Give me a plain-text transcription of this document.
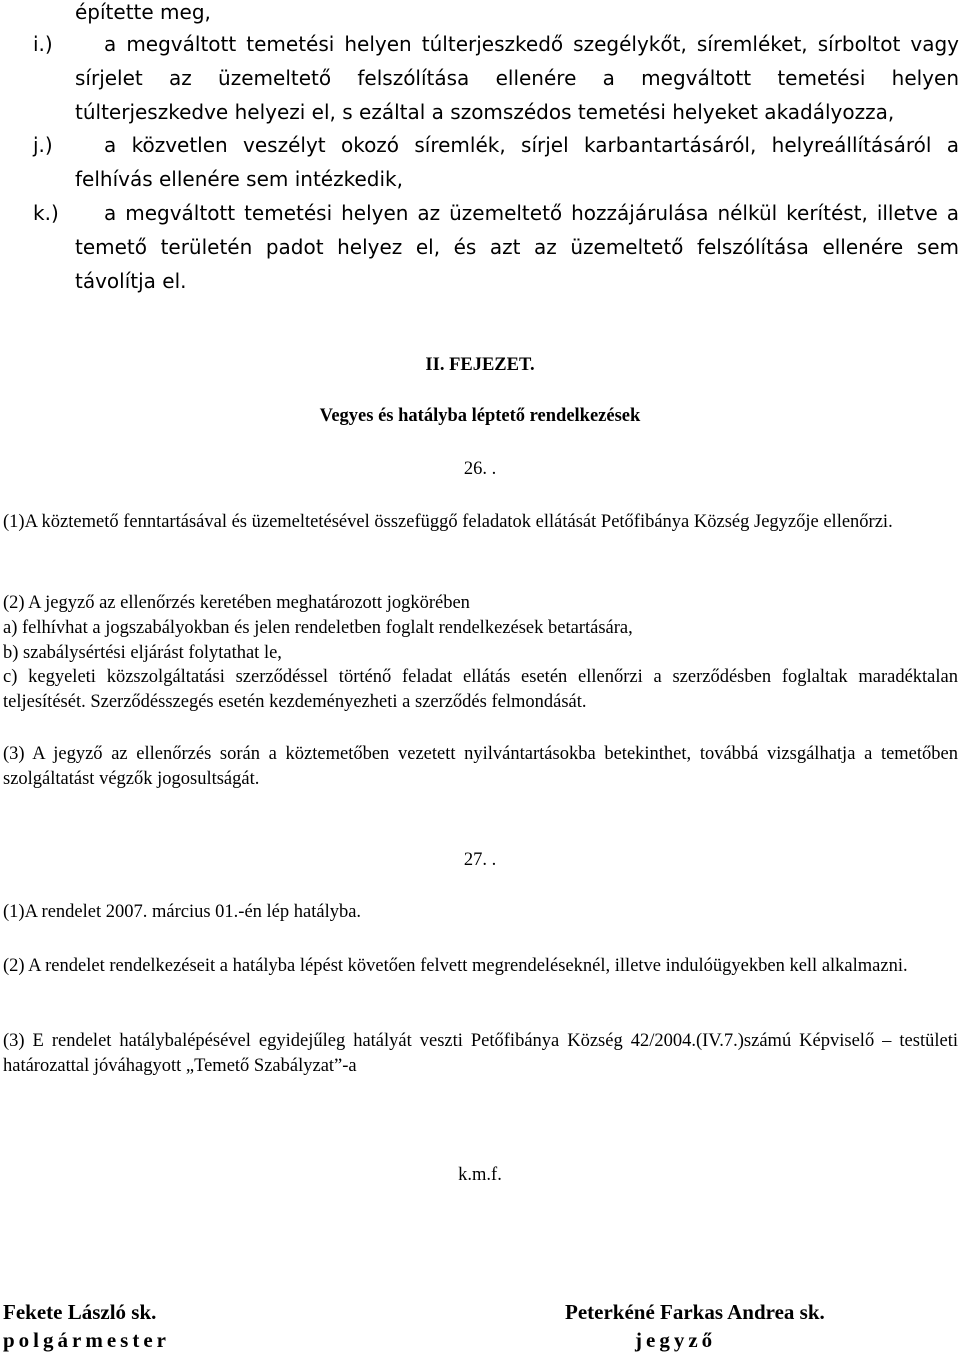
építette meg,
i.)	a megváltott temetési helyen túlterjeszkedő szegélykőt, síremléket, sírboltot vagy sírjelet az üzemeltető felszólítása ellenére a megváltott temetési helyen túlterjeszkedve helyezi el, s ezáltal a szomszédos temetési helyeket akadályozza,
j.)	a közvetlen veszélyt okozó síremlék, sírjel karbantartásáról, helyreállításáról a felhívás ellenére sem intézkedik,
k.)	a megváltott temetési helyen az üzemeltető hozzájárulása nélkül kerítést, illetve a temető területén padot helyez el, és azt az üzemeltető felszólítása ellenére sem távolítja el.
II. FEJEZET.
Vegyes és hatályba léptető rendelkezések
26. .
(1)A köztemető fenntartásával és üzemeltetésével összefüggő feladatok ellátását Petőfibánya Község Jegyzője ellenőrzi.
(2) A jegyző az ellenőrzés keretében meghatározott jogkörében
a) felhívhat a jogszabályokban és jelen rendeletben foglalt rendelkezések betartására,
b) szabálysértési eljárást folytathat le,
c) kegyeleti közszolgáltatási szerződéssel történő feladat ellátás esetén ellenőrzi a szerződésben foglaltak maradéktalan teljesítését. Szerződésszegés esetén kezdeményezheti a szerződés felmondását.
(3) A jegyző az ellenőrzés során a köztemetőben vezetett nyilvántartásokba betekinthet, továbbá vizsgálhatja a temetőben szolgáltatást végzők jogosultságát.
27. .
(1)A rendelet 2007. március 01.-én lép hatályba.
(2) A rendelet rendelkezéseit a hatályba lépést követően felvett megrendeléseknél, illetve indulóügyekben kell alkalmazni.
(3) E rendelet hatálybalépésével egyidejűleg hatályát veszti Petőfibánya Község 42/2004.(IV.7.)számú Képviselő – testületi határozattal jóváhagyott „Temető Szabályzat”-a
k.m.f.
Fekete László sk.
polgármester
Peterkéné Farkas Andrea sk.
jegyző
